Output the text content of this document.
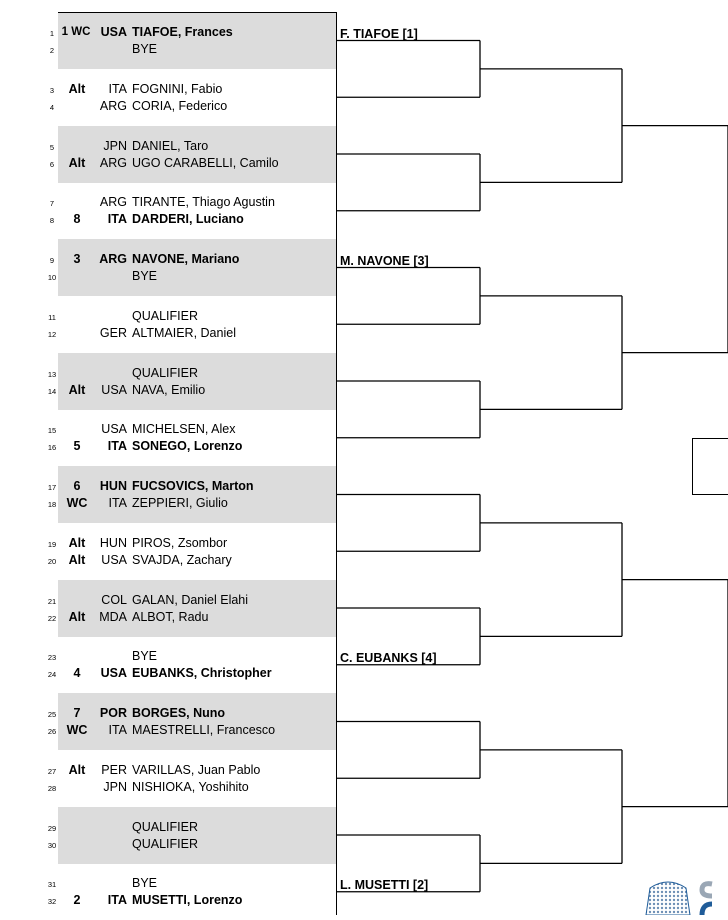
1 1 WC USA TIAFOE, Frances
2	BYE
3	Alt	ITA FOGNINI, Fabio
4	ARG CORIA, Federico
5	JPN DANIEL, Taro
6	Alt	ARG UGO CARABELLI, Camilo
7	ARG TIRANTE, Thiago Agustin
8	8	ITA DARDERI, Luciano
9	3	ARG NAVONE, Mariano
10	BYE
11	QUALIFIER
12	GER ALTMAIER, Daniel
13	QUALIFIER
14 Alt	USA NAVA, Emilio
15	USA MICHELSEN, Alex
16	5	ITA SONEGO, Lorenzo
17	6	HUN FUCSOVICS, Marton
18 WC	ITA ZEPPIERI, Giulio
19 Alt	HUN PIROS, Zsombor
20 Alt	USA SVAJDA, Zachary
21	COL GALAN, Daniel Elahi
22 Alt	MDA ALBOT, Radu
23	BYE
24	4	USA EUBANKS, Christopher
25	7	POR BORGES, Nuno
26 WC	ITA MAESTRELLI, Francesco
27 Alt	PER VARILLAS, Juan Pablo
28	JPN NISHIOKA, Yoshihito
29	QUALIFIER
30	QUALIFIER
31	BYE
32	2	ITA MUSETTI, Lorenzo
F. TIAFOE [1]
M. NAVONE [3]
C. EUBANKS [4]
L. MUSETTI [2]
